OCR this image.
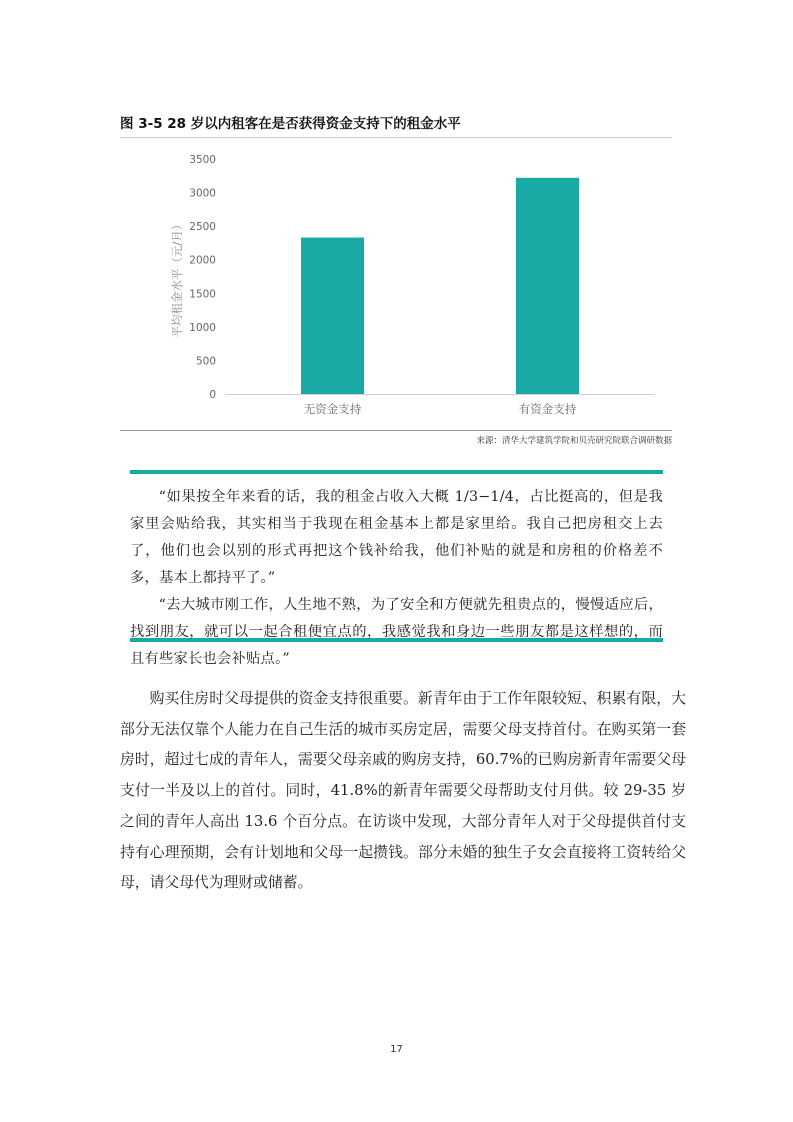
图 3-5 28 岁以内租客在是否获得资金支持下的租金水平

0
500
1000
1500
2000
2500
3000
3500
无资金支持	有资金支持
平均租金水平（元/月）

来源：清华大学建筑学院和贝壳研究院联合调研数据

“如果按全年来看的话，我的租金占收入大概 1/3−1/4，占比挺高的，但是我家里会贴给我，其实相当于我现在租金基本上都是家里给。我自己把房租交上去了，他们也会以别的形式再把这个钱补给我，他们补贴的就是和房租的价格差不多，基本上都持平了。”

“去大城市刚工作，人生地不熟，为了安全和方便就先租贵点的，慢慢适应后，找到朋友，就可以一起合租便宜点的，我感觉我和身边一些朋友都是这样想的，而且有些家长也会补贴点。”

购买住房时父母提供的资金支持很重要。新青年由于工作年限较短、积累有限，大部分无法仅靠个人能力在自己生活的城市买房定居，需要父母支持首付。在购买第一套房时，超过七成的青年人，需要父母亲戚的购房支持，60.7%的已购房新青年需要父母支付一半及以上的首付。同时，41.8%的新青年需要父母帮助支付月供。较 29-35 岁之间的青年人高出 13.6 个百分点。在访谈中发现，大部分青年人对于父母提供首付支持有心理预期，会有计划地和父母一起攒钱。部分未婚的独生子女会直接将工资转给父母，请父母代为理财或储蓄。

17
